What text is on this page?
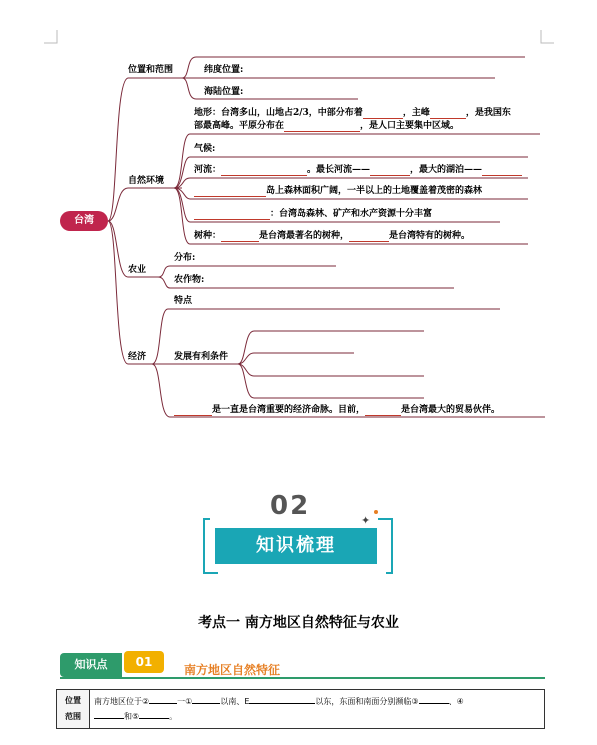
台湾
位置和范围
自然环境
农业
经济
纬度位置:
海陆位置:
地形：台湾多山，山地占2/3，中部分布着	，主峰	，是我国东
部最高峰。平原分布在	，是人口主要集中区域。
气候:
河流：	。最长河流——	，最大的湖泊——
岛上森林面积广阔，一半以上的土地覆盖着茂密的森林
：台湾岛森林、矿产和水产资源十分丰富
树种：	是台湾最著名的树种，	是台湾特有的树种。
分布:
农作物:
特点
发展有利条件
是一直是台湾重要的经济命脉。目前，	是台湾最大的贸易伙伴。
02	✦
知识梳理
考点一 南方地区自然特征与农业
知识点	01
南方地区自然特征
位置
范围	南方地区位于②	一①	以南、E	以东，东面和南面分别濒临③	、④
和⑤	。
